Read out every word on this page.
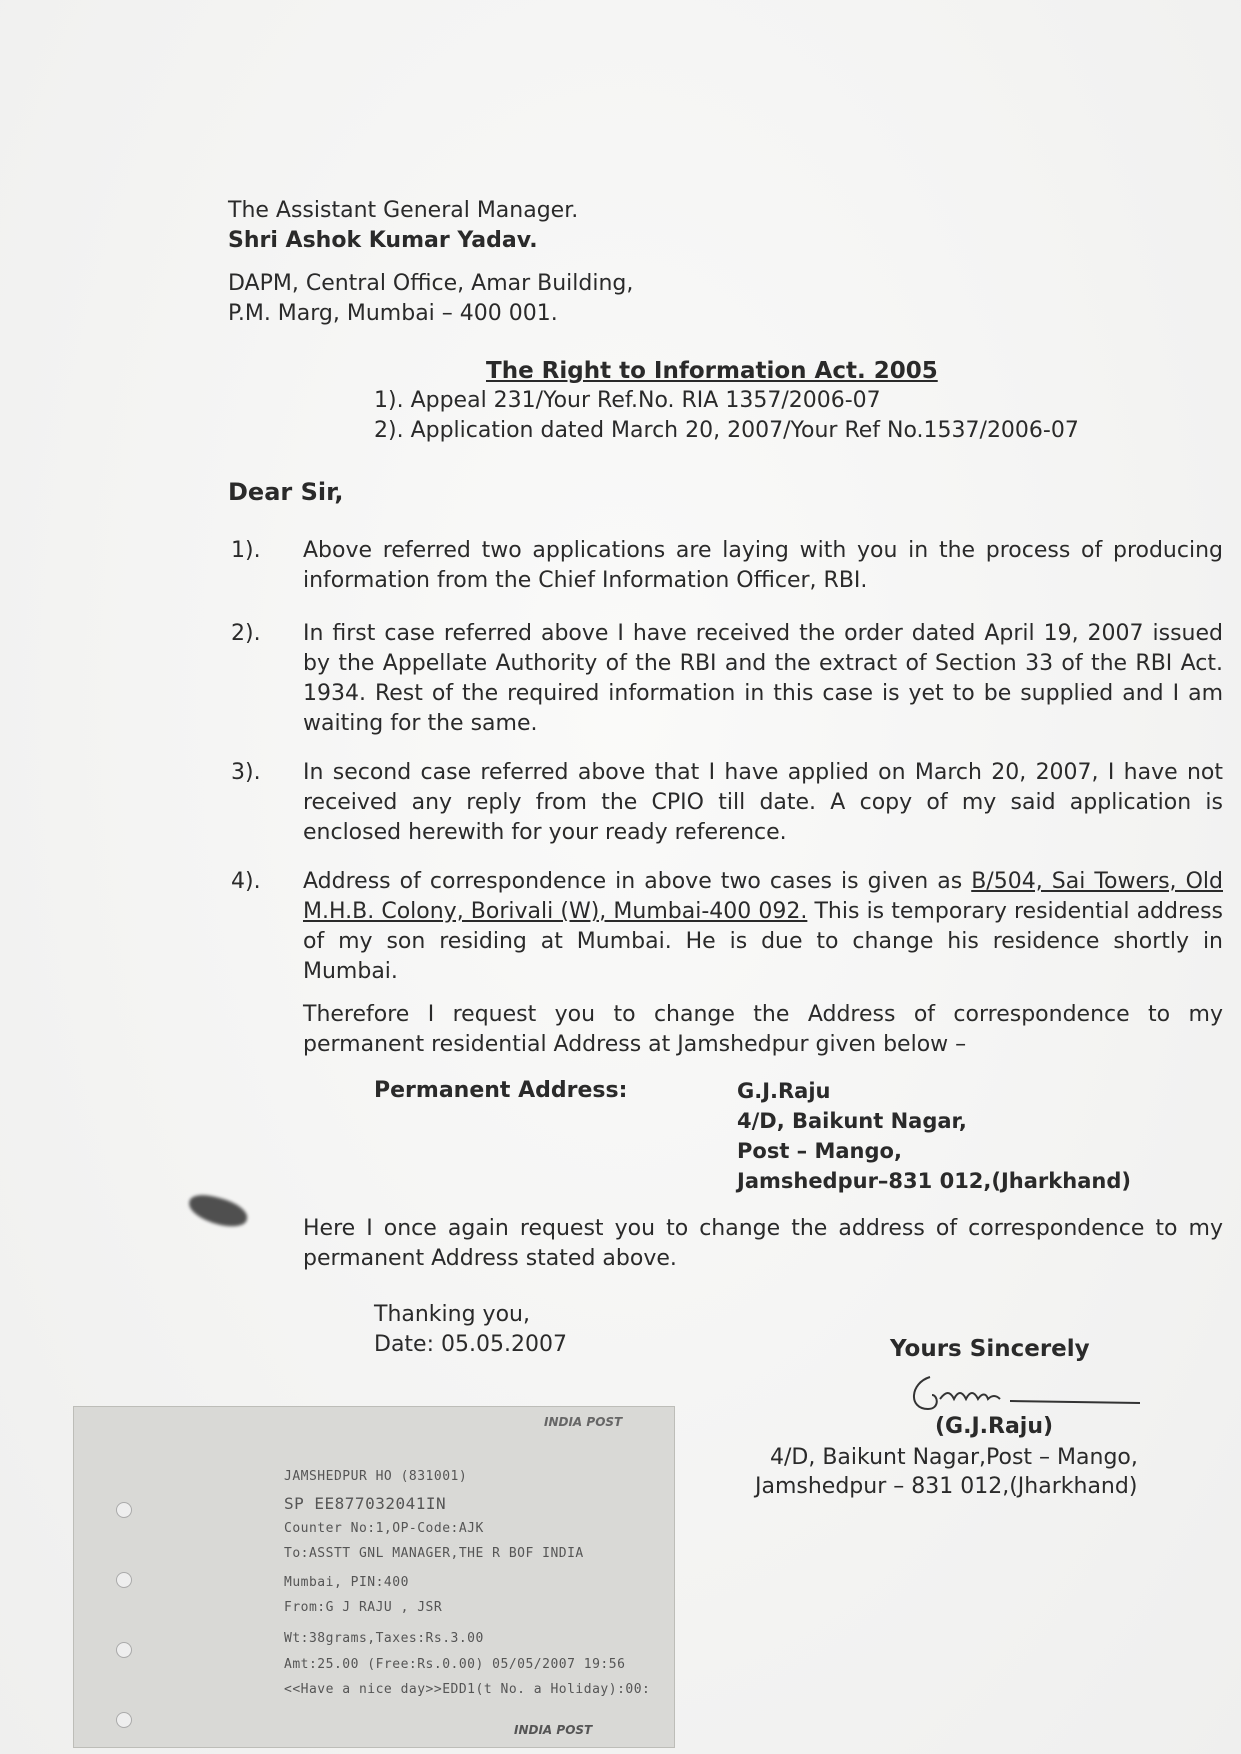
The Assistant General Manager.
Shri Ashok Kumar Yadav.
DAPM, Central Office, Amar Building,
P.M. Marg, Mumbai – 400 001.
The Right to Information Act. 2005
1). Appeal 231/Your Ref.No. RIA 1357/2006-07
2). Application dated March 20, 2007/Your Ref No.1537/2006-07
Dear Sir,
1). Above referred two applications are laying with you in the process of producing information from the Chief Information Officer, RBI.
2). In first case referred above I have received the order dated April 19, 2007 issued by the Appellate Authority of the RBI and the extract of Section 33 of the RBI Act. 1934. Rest of the required information in this case is yet to be supplied and I am waiting for the same.
3). In second case referred above that I have applied on March 20, 2007, I have not received any reply from the CPIO till date. A copy of my said application is enclosed herewith for your ready reference.
4). Address of correspondence in above two cases is given as B/504, Sai Towers, Old M.H.B. Colony, Borivali (W), Mumbai-400 092. This is temporary residential address of my son residing at Mumbai. He is due to change his residence shortly in Mumbai.
Therefore I request you to change the Address of correspondence to my permanent residential Address at Jamshedpur given below –
Permanent Address:	G.J.Raju
4/D, Baikunt Nagar,
Post – Mango,
Jamshedpur–831 012,(Jharkhand)
Here I once again request you to change the address of correspondence to my permanent Address stated above.
Thanking you,
Date: 05.05.2007	Yours Sincerely
(G.J.Raju)
4/D, Baikunt Nagar,Post – Mango,
Jamshedpur – 831 012,(Jharkhand)
INDIA POST
JAMSHEDPUR HO (831001)
SP EE877032041IN
Counter No:1,OP-Code:AJK
To:ASSTT GNL MANAGER,THE R BOF INDIA
Mumbai, PIN:400
From:G J RAJU , JSR
Wt:38grams,Taxes:Rs.3.00
Amt:25.00 (Free:Rs.0.00) 05/05/2007 19:56
<<Have a nice day>>EDD1(t No. a Holiday):00:
INDIA POST
